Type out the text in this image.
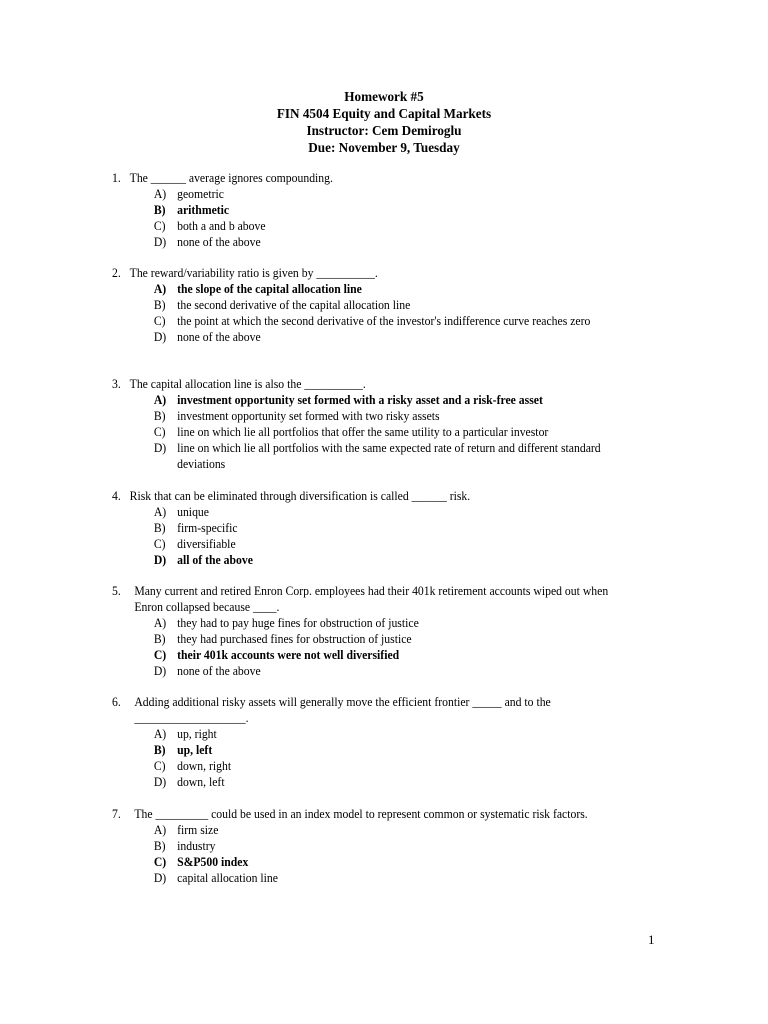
Homework #5
FIN 4504 Equity and Capital Markets
Instructor: Cem Demiroglu
Due: November 9, Tuesday
1. The ______ average ignores compounding.
A) geometric
B) arithmetic
C) both a and b above
D) none of the above
2. The reward/variability ratio is given by __________.
A) the slope of the capital allocation line
B) the second derivative of the capital allocation line
C) the point at which the second derivative of the investor's indifference curve reaches zero
D) none of the above
3. The capital allocation line is also the __________.
A) investment opportunity set formed with a risky asset and a risk-free asset
B) investment opportunity set formed with two risky assets
C) line on which lie all portfolios that offer the same utility to a particular investor
D) line on which lie all portfolios with the same expected rate of return and different standard deviations
4. Risk that can be eliminated through diversification is called ______ risk.
A) unique
B) firm-specific
C) diversifiable
D) all of the above
5. Many current and retired Enron Corp. employees had their 401k retirement accounts wiped out when Enron collapsed because ____.
A) they had to pay huge fines for obstruction of justice
B) they had purchased fines for obstruction of justice
C) their 401k accounts were not well diversified
D) none of the above
6. Adding additional risky assets will generally move the efficient frontier _____ and to the ___________________.
A) up, right
B) up, left
C) down, right
D) down, left
7. The _________ could be used in an index model to represent common or systematic risk factors.
A) firm size
B) industry
C) S&P500 index
D) capital allocation line
1
